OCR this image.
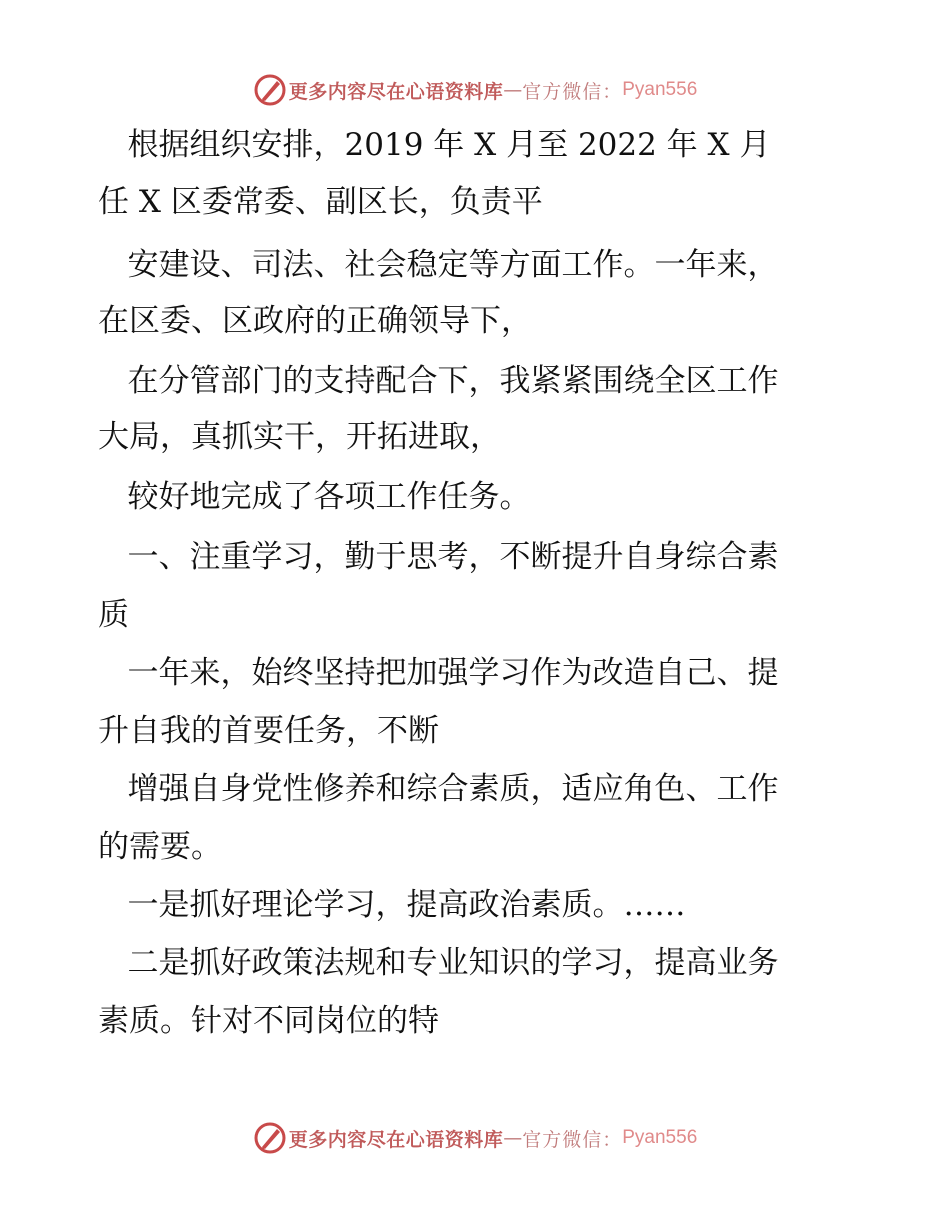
更多内容尽在心语资料库 — 官方微信： Pyan556
根据组织安排，2019 年 X 月至 2022 年 X 月
任 X 区委常委、副区长，负责平
安建设、司法、社会稳定等方面工作。一年来，
在区委、区政府的正确领导下，
在分管部门的支持配合下，我紧紧围绕全区工作
大局，真抓实干，开拓进取，
较好地完成了各项工作任务。
一、注重学习，勤于思考，不断提升自身综合素
质
一年来，始终坚持把加强学习作为改造自己、提
升自我的首要任务，不断
增强自身党性修养和综合素质，适应角色、工作
的需要。
一是抓好理论学习，提高政治素质。……
二是抓好政策法规和专业知识的学习，提高业务
素质。针对不同岗位的特
更多内容尽在心语资料库 — 官方微信： Pyan556
